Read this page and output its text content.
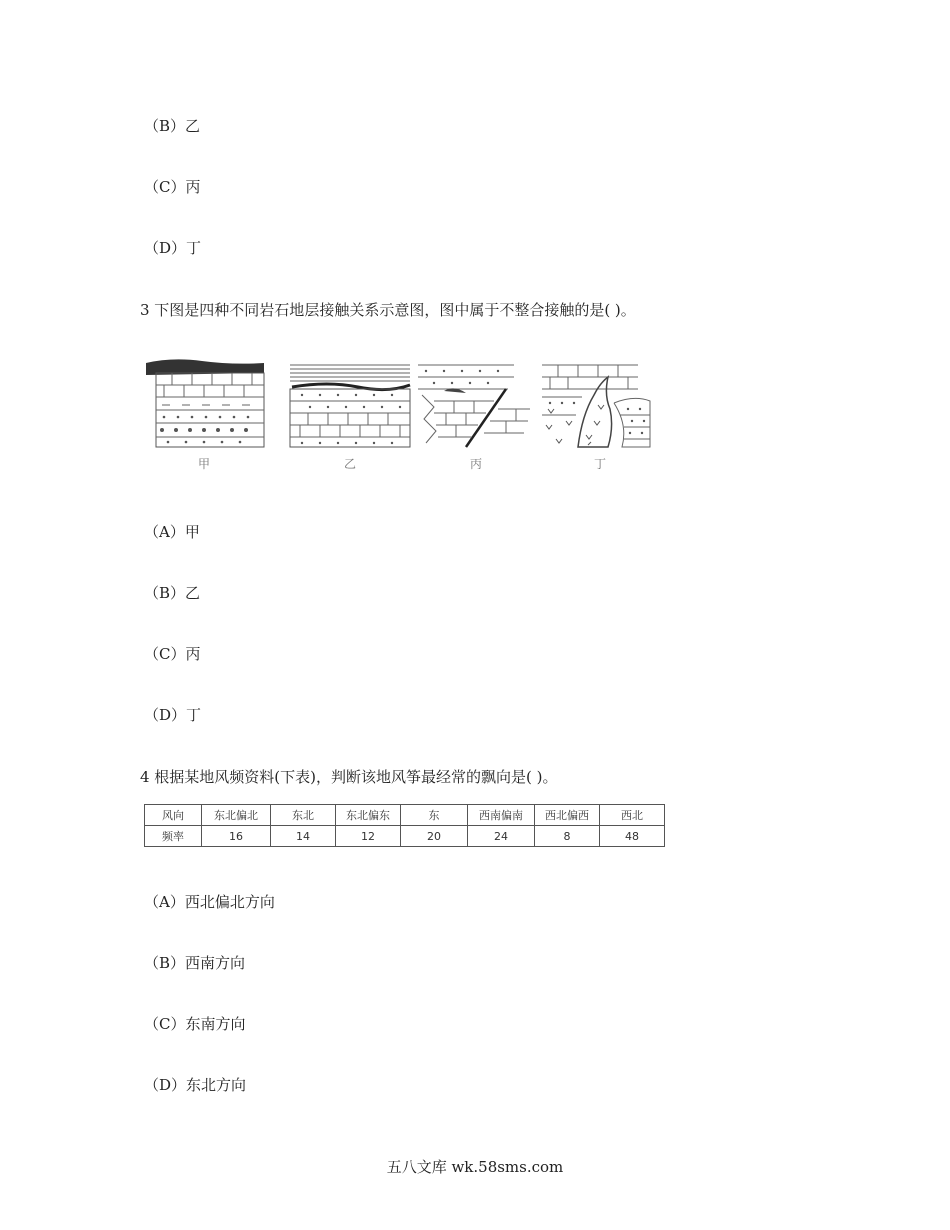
（B）乙
（C）丙
（D）丁
3 下图是四种不同岩石地层接触关系示意图，图中属于不整合接触的是( )。
甲	乙	丙	丁
（A）甲
（B）乙
（C）丙
（D）丁
4 根据某地风频资料(下表)，判断该地风筝最经常的飘向是( )。
风向	东北偏北	东北	东北偏东	东	西南偏南	西北偏西	西北
频率	16	14	12	20	24	8	48
（A）西北偏北方向
（B）西南方向
（C）东南方向
（D）东北方向
五八文库 wk.58sms.com
